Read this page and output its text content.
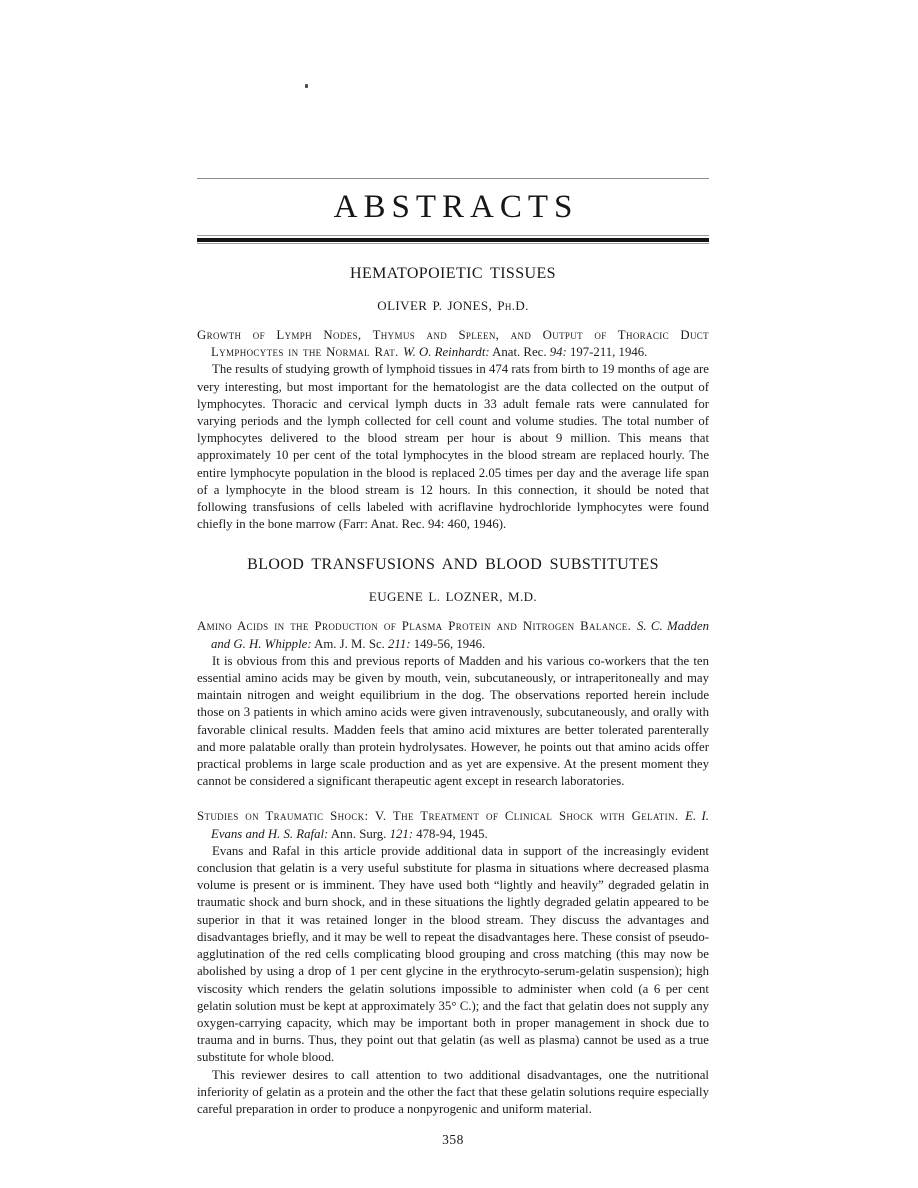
ABSTRACTS
HEMATOPOIETIC TISSUES
OLIVER P. JONES, Ph.D.

Growth of Lymph Nodes, Thymus and Spleen, and Output of Thoracic Duct Lymphocytes in the Normal Rat. W. O. Reinhardt: Anat. Rec. 94: 197-211, 1946.

The results of studying growth of lymphoid tissues in 474 rats from birth to 19 months of age are very interesting, but most important for the hematologist are the data collected on the output of lymphocytes. Thoracic and cervical lymph ducts in 33 adult female rats were cannulated for varying periods and the lymph collected for cell count and volume studies. The total number of lymphocytes delivered to the blood stream per hour is about 9 million. This means that approximately 10 per cent of the total lymphocytes in the blood stream are replaced hourly. The entire lymphocyte population in the blood is replaced 2.05 times per day and the average life span of a lymphocyte in the blood stream is 12 hours. In this connection, it should be noted that following transfusions of cells labeled with acriflavine hydrochloride lymphocytes were found chiefly in the bone marrow (Farr: Anat. Rec. 94: 460, 1946).

BLOOD TRANSFUSIONS AND BLOOD SUBSTITUTES
EUGENE L. LOZNER, M.D.

Amino Acids in the Production of Plasma Protein and Nitrogen Balance. S. C. Madden and G. H. Whipple: Am. J. M. Sc. 211: 149-56, 1946.

It is obvious from this and previous reports of Madden and his various co-workers that the ten essential amino acids may be given by mouth, vein, subcutaneously, or intraperitoneally and may maintain nitrogen and weight equilibrium in the dog. The observations reported herein include those on 3 patients in which amino acids were given intravenously, subcutaneously, and orally with favorable clinical results. Madden feels that amino acid mixtures are better tolerated parenterally and more palatable orally than protein hydrolysates. However, he points out that amino acids offer practical problems in large scale production and as yet are expensive. At the present moment they cannot be considered a significant therapeutic agent except in research laboratories.

Studies on Traumatic Shock: V. The Treatment of Clinical Shock with Gelatin. E. I. Evans and H. S. Rafal: Ann. Surg. 121: 478-94, 1945.

Evans and Rafal in this article provide additional data in support of the increasingly evident conclusion that gelatin is a very useful substitute for plasma in situations where decreased plasma volume is present or is imminent. They have used both “lightly and heavily” degraded gelatin in traumatic shock and burn shock, and in these situations the lightly degraded gelatin appeared to be superior in that it was retained longer in the blood stream. They discuss the advantages and disadvantages briefly, and it may be well to repeat the disadvantages here. These consist of pseudo-agglutination of the red cells complicating blood grouping and cross matching (this may now be abolished by using a drop of 1 per cent glycine in the erythrocyto-serum-gelatin suspension); high viscosity which renders the gelatin solutions impossible to administer when cold (a 6 per cent gelatin solution must be kept at approximately 35° C.); and the fact that gelatin does not supply any oxygen-carrying capacity, which may be important both in proper management in shock due to trauma and in burns. Thus, they point out that gelatin (as well as plasma) cannot be used as a true substitute for whole blood.

This reviewer desires to call attention to two additional disadvantages, one the nutritional inferiority of gelatin as a protein and the other the fact that these gelatin solutions require especially careful preparation in order to produce a nonpyrogenic and uniform material.

358
